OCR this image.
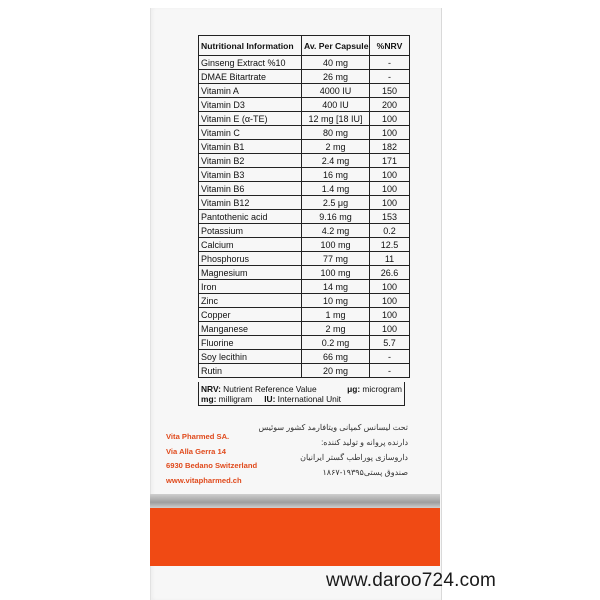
Nutritional Information	Av. Per Capsule	%NRV
Ginseng Extract %10	40 mg	-
DMAE Bitartrate	26 mg	-
Vitamin A	4000 IU	150
Vitamin D3	400 IU	200
Vitamin E (α-TE)	12 mg [18 IU]	100
Vitamin C	80 mg	100
Vitamin B1	2 mg	182
Vitamin B2	2.4 mg	171
Vitamin B3	16 mg	100
Vitamin B6	1.4 mg	100
Vitamin B12	2.5 μg	100
Pantothenic acid	9.16 mg	153
Potassium	4.2 mg	0.2
Calcium	100 mg	12.5
Phosphorus	77 mg	11
Magnesium	100 mg	26.6
Iron	14 mg	100
Zinc	10 mg	100
Copper	1 mg	100
Manganese	2 mg	100
Fluorine	0.2 mg	5.7
Soy lecithin	66 mg	-
Rutin	20 mg	-
NRV: Nutrient Reference Value	μg: microgram
mg: milligram IU: International Unit
تحت لیسانس کمپانی ویتافارمد کشور سوئیس
دارنده پروانه و تولید کننده:
داروسازی پوراطب گستر ایرانیان
صندوق پستی۱۹۳۹۵-۱۸۶۷
Vita Pharmed SA.
Via Alla Gerra 14
6930 Bedano Switzerland
www.vitapharmed.ch
www.daroo724.com
